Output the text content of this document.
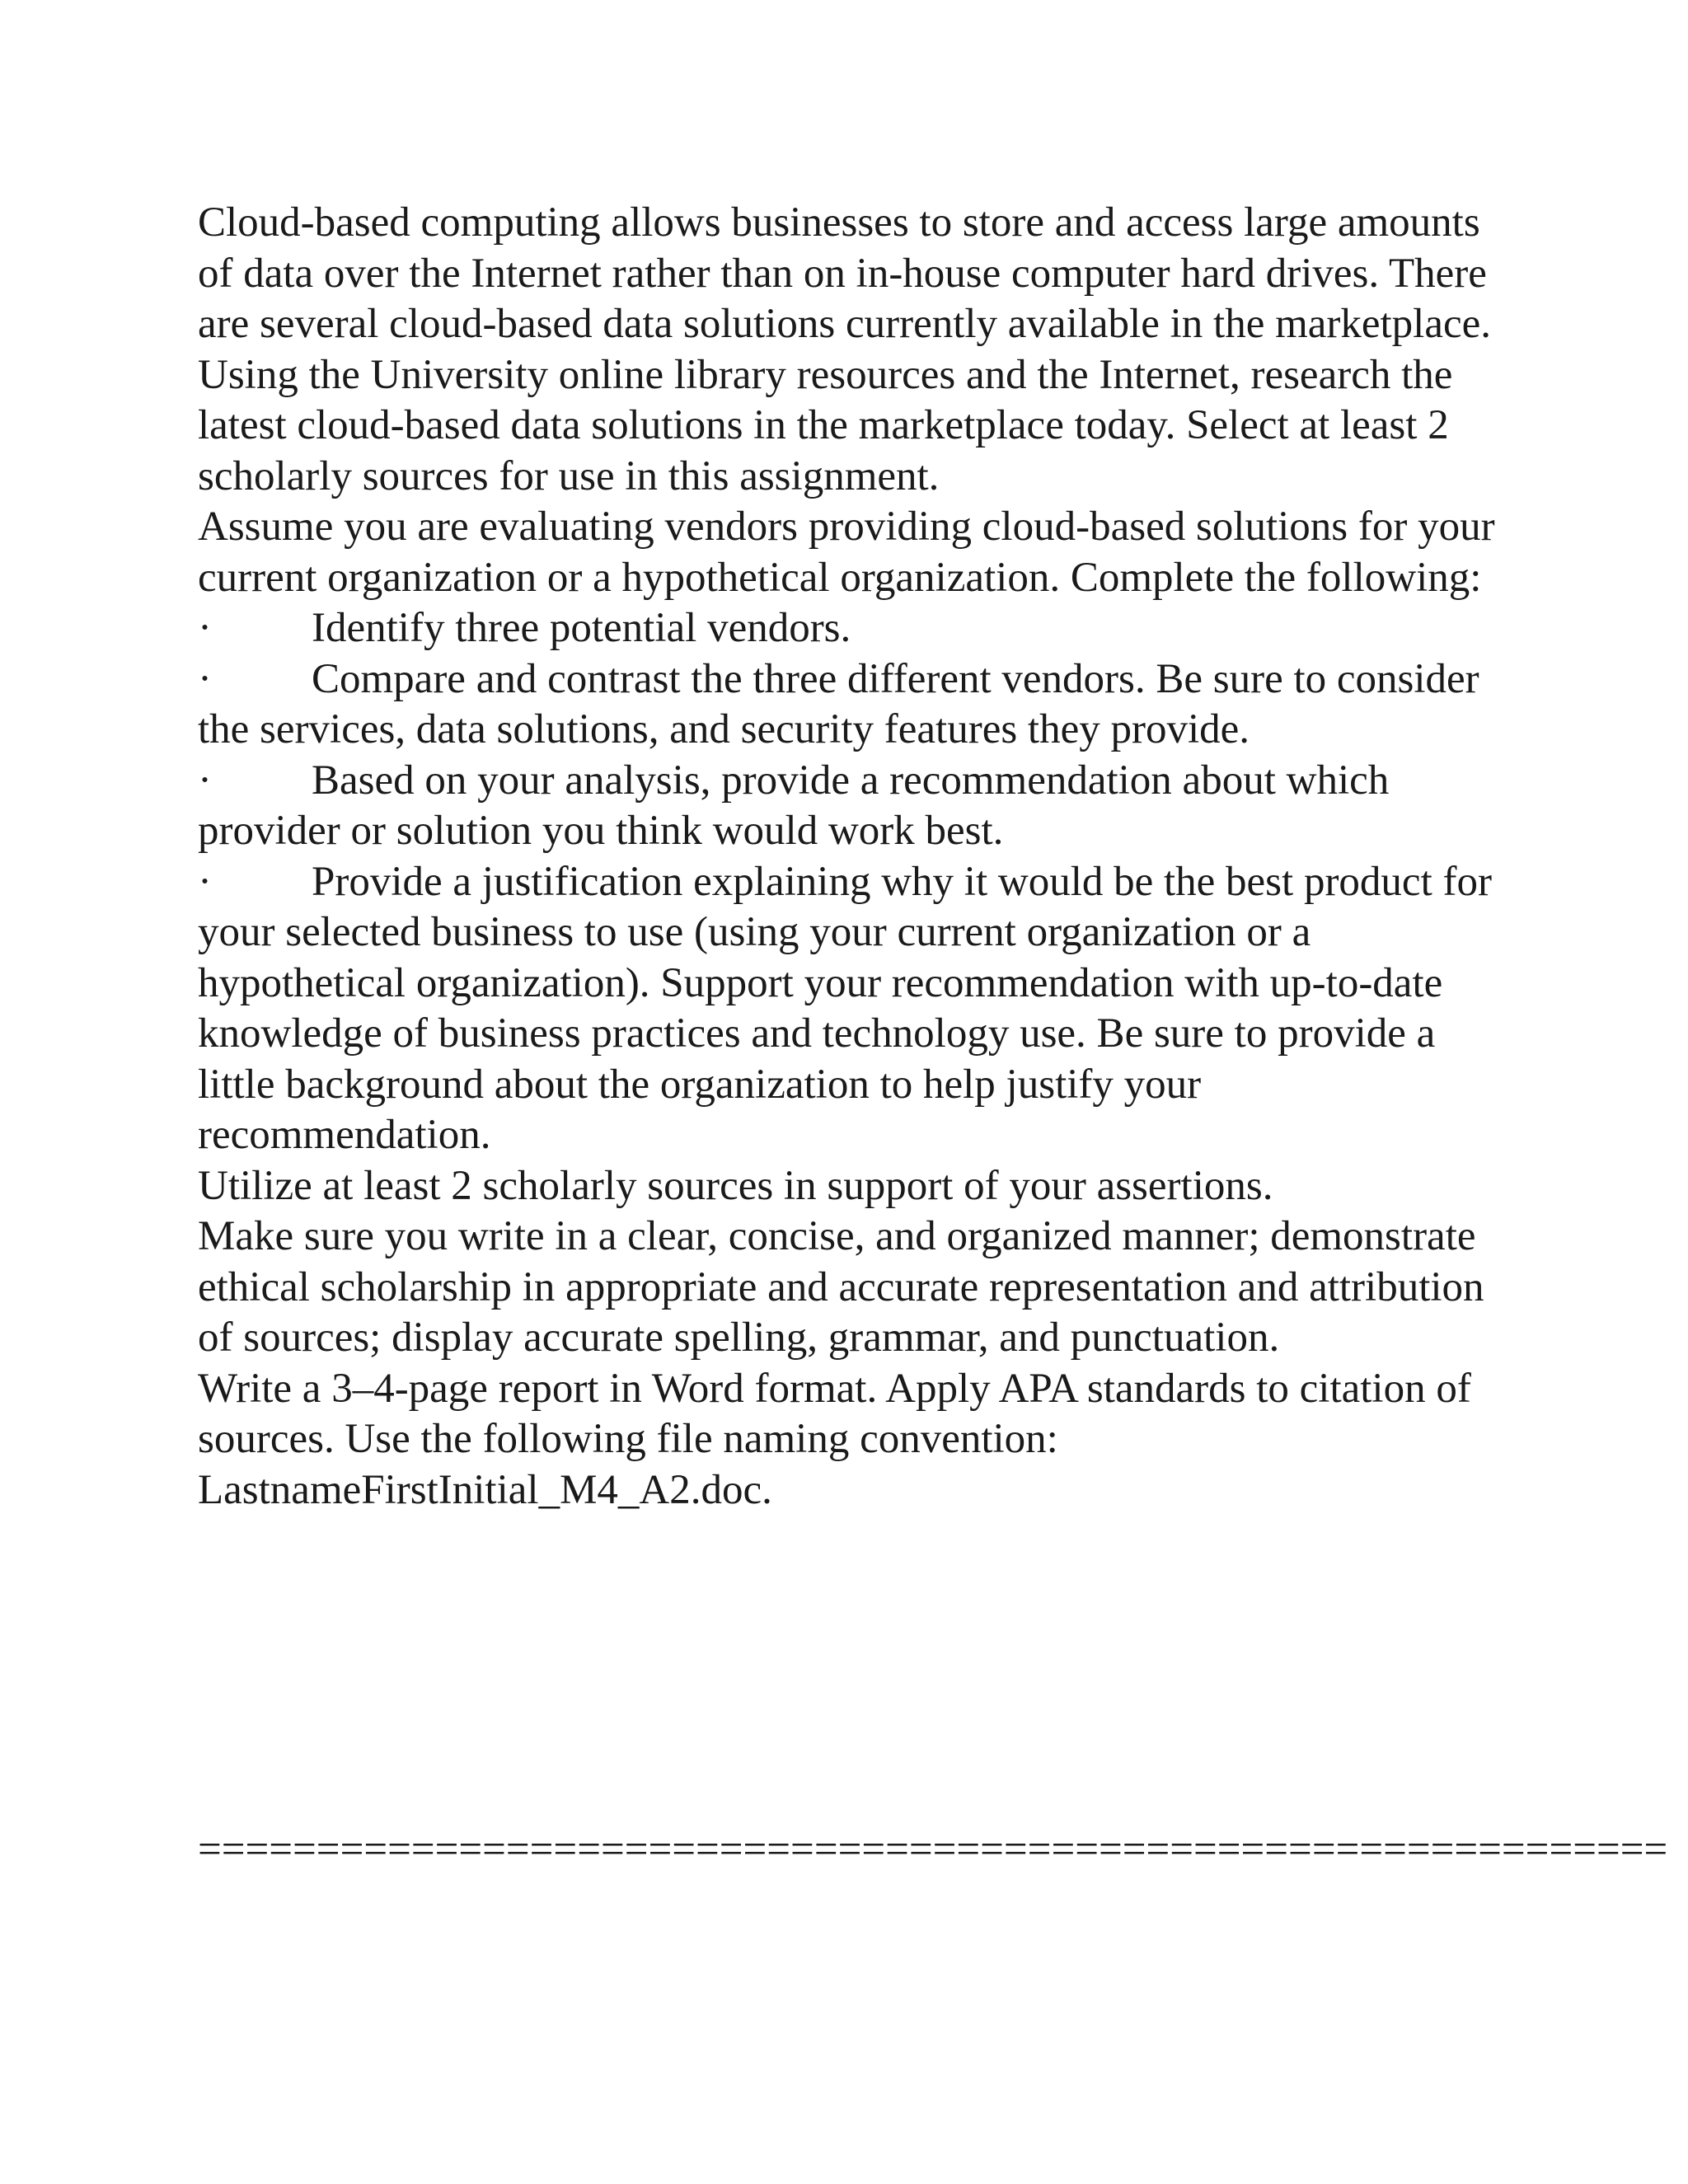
Cloud-based computing allows businesses to store and access large amounts of data over the Internet rather than on in-house computer hard drives. There are several cloud-based data solutions currently available in the marketplace.

Using the University online library resources and the Internet, research the latest cloud-based data solutions in the marketplace today. Select at least 2 scholarly sources for use in this assignment.

Assume you are evaluating vendors providing cloud-based solutions for your current organization or a hypothetical organization. Complete the following:

· Identify three potential vendors.

· Compare and contrast the three different vendors. Be sure to consider the services, data solutions, and security features they provide.

· Based on your analysis, provide a recommendation about which provider or solution you think would work best.

· Provide a justification explaining why it would be the best product for your selected business to use (using your current organization or a hypothetical organization). Support your recommendation with up-to-date knowledge of business practices and technology use. Be sure to provide a little background about the organization to help justify your recommendation.

Utilize at least 2 scholarly sources in support of your assertions.

Make sure you write in a clear, concise, and organized manner; demonstrate ethical scholarship in appropriate and accurate representation and attribution of sources; display accurate spelling, grammar, and punctuation.

Write a 3–4-page report in Word format. Apply APA standards to citation of sources. Use the following file naming convention: LastnameFirstInitial_M4_A2.doc.

==============================================================
